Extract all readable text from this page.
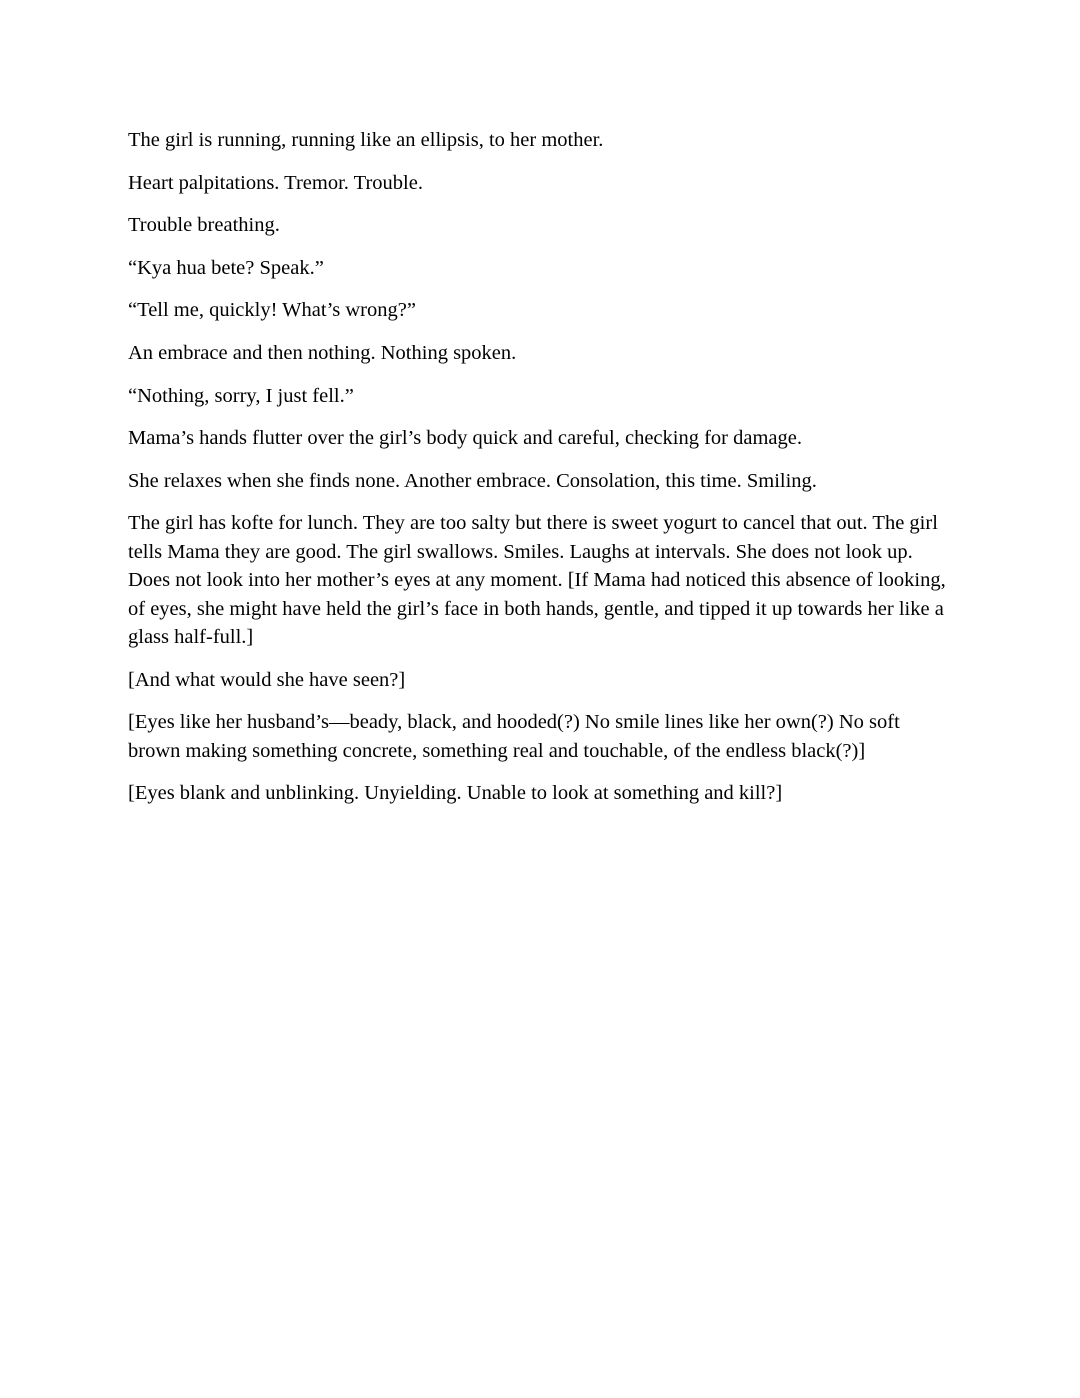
The girl is running, running like an ellipsis, to her mother.

Heart palpitations. Tremor. Trouble.

Trouble breathing.

“Kya hua bete? Speak.”

“Tell me, quickly! What’s wrong?”

An embrace and then nothing. Nothing spoken.

“Nothing, sorry, I just fell.”

Mama’s hands flutter over the girl’s body quick and careful, checking for damage.

She relaxes when she finds none. Another embrace. Consolation, this time. Smiling.

The girl has kofte for lunch. They are too salty but there is sweet yogurt to cancel that out. The girl tells Mama they are good. The girl swallows. Smiles. Laughs at intervals. She does not look up. Does not look into her mother’s eyes at any moment. [If Mama had noticed this absence of looking, of eyes, she might have held the girl’s face in both hands, gentle, and tipped it up towards her like a glass half-full.]

[And what would she have seen?]

[Eyes like her husband’s—beady, black, and hooded(?) No smile lines like her own(?) No soft brown making something concrete, something real and touchable, of the endless black(?)]

[Eyes blank and unblinking. Unyielding. Unable to look at something and kill?]
